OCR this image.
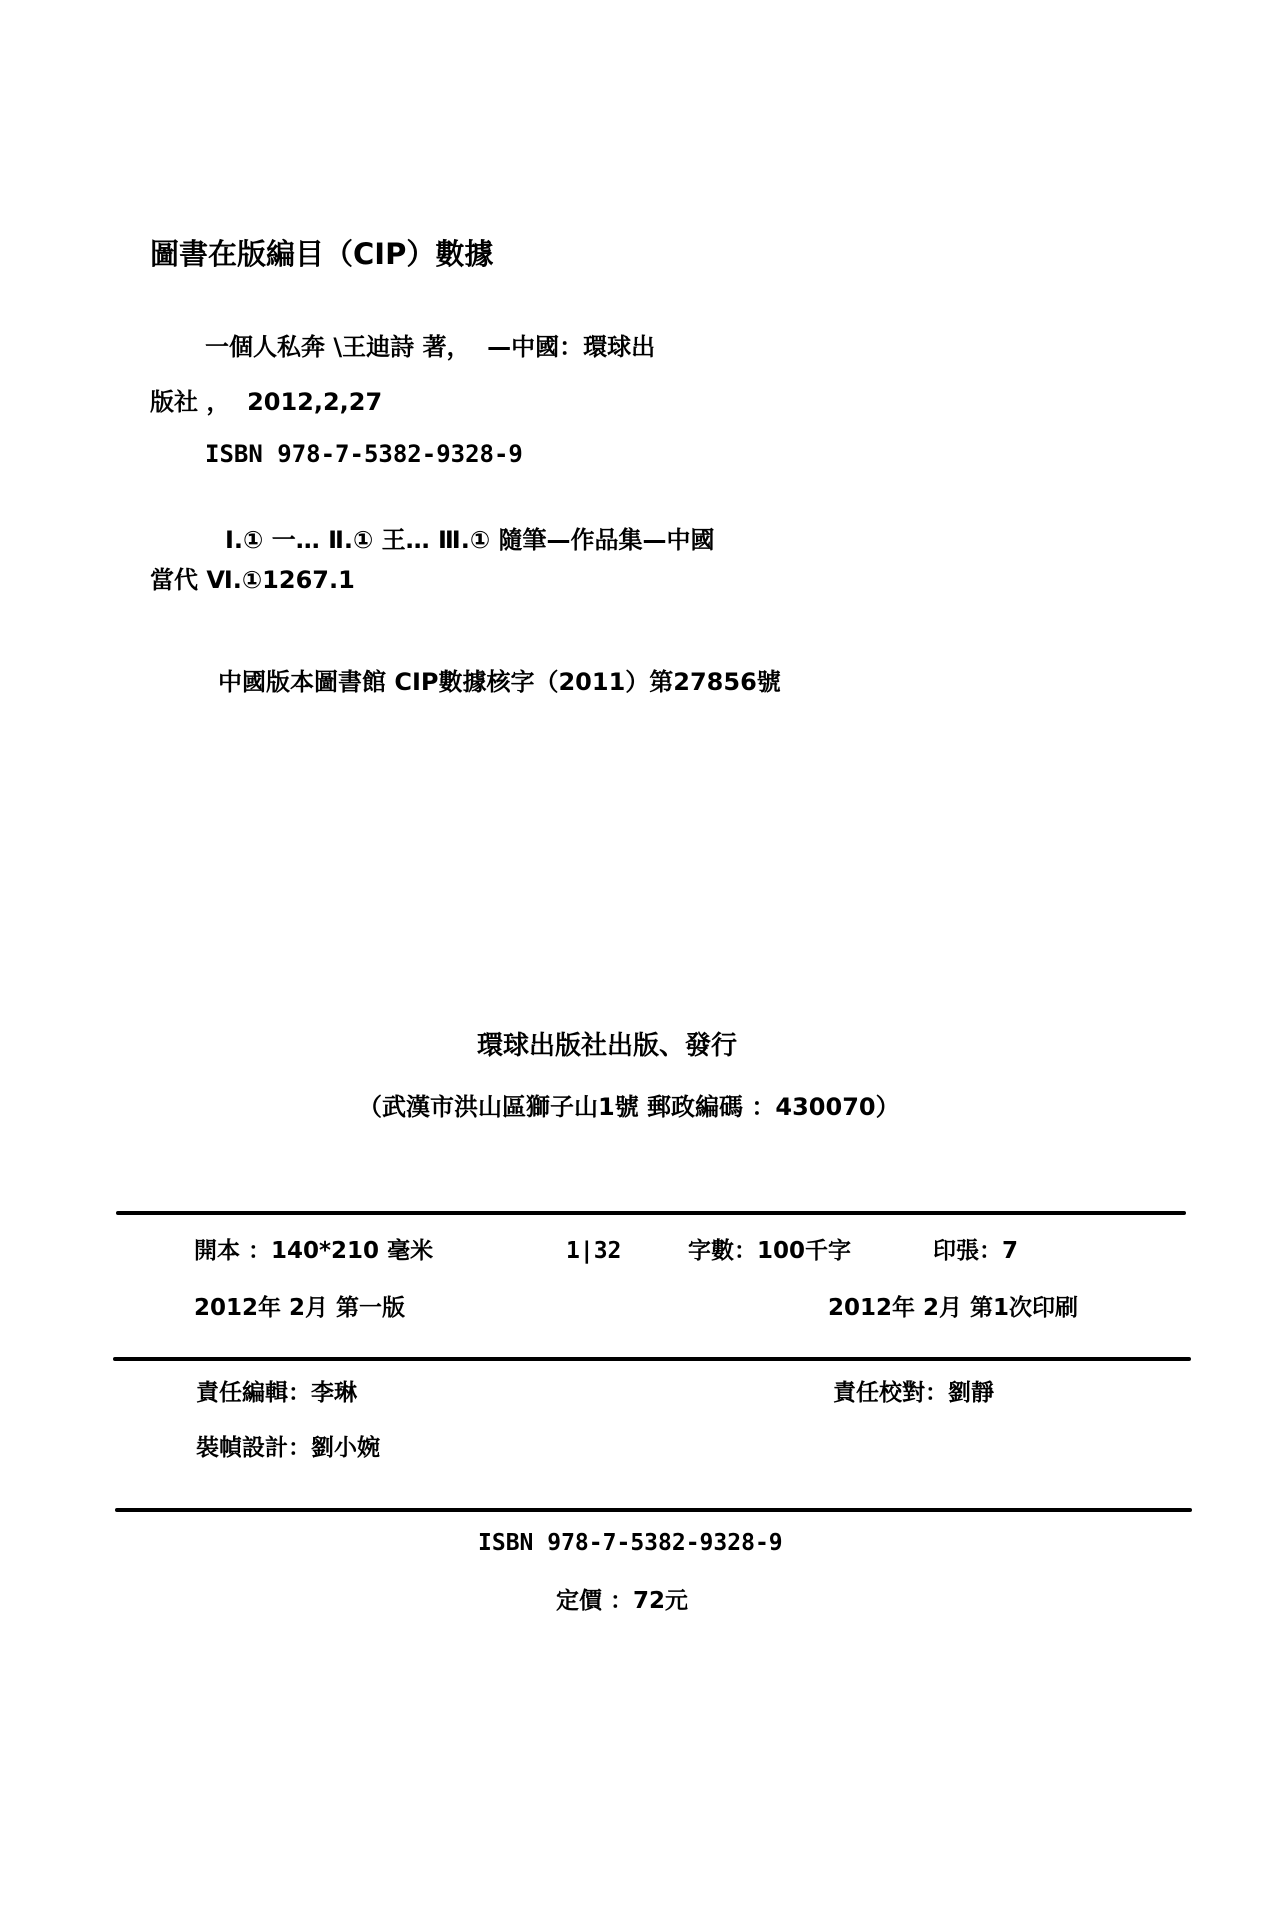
圖書在版編目（CIP）數據
一個人私奔 \王迪詩 著，  —中國：環球出
版社 ，  2012,2,27
ISBN 978-7-5382-9328-9
Ⅰ.① 一… Ⅱ.① 王… Ⅲ.① 隨筆—作品集—中國
當代 Ⅵ.①1267.1
中國版本圖書館 CIP數據核字（2011）第27856號
環球出版社出版、發行
（武漢市洪山區獅子山1號 郵政編碼 ：430070）
開本 ：140*210 毫米	1|32	字數：100千字	印張：7
2012年 2月 第一版	2012年 2月 第1次印刷
責任編輯：李琳	責任校對：劉靜
裝幀設計：劉小婉
ISBN 978-7-5382-9328-9
定價 ：72元
